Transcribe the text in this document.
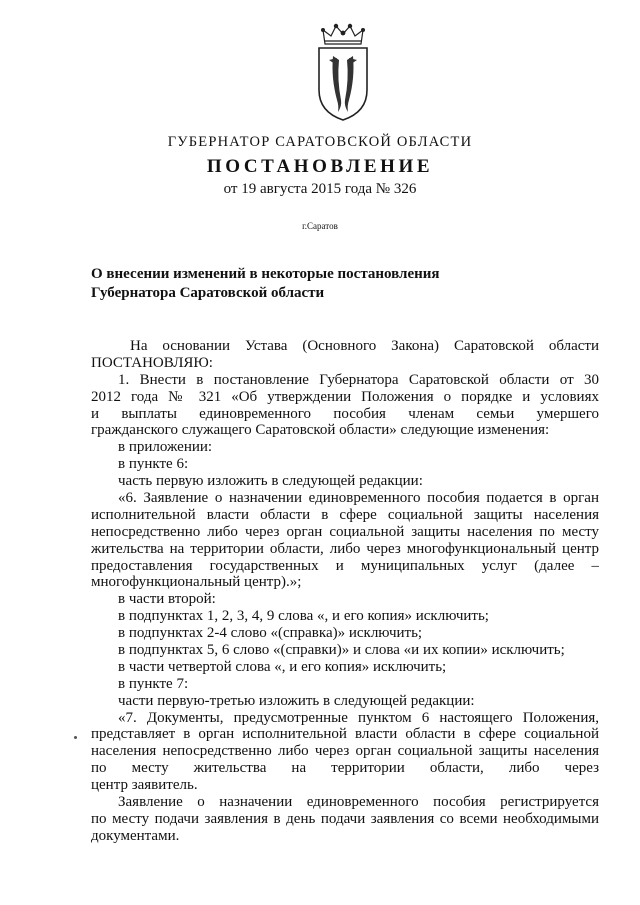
ГУБЕРНАТОР САРАТОВСКОЙ ОБЛАСТИ
ПОСТАНОВЛЕНИЕ
от 19 августа 2015 года № 326
г.Саратов
О внесении изменений в некоторые постановления
Губернатора Саратовской области
На основании Устава (Основного Закона) Саратовской области
ПОСТАНОВЛЯЮ:
1. Внести в постановление Губернатора Саратовской области от 30
2012 года № 321 «Об утверждении Положения о порядке и условиях
и выплаты единовременного пособия членам семьи умершего
гражданского служащего Саратовской области» следующие изменения:
в приложении:
в пункте 6:
часть первую изложить в следующей редакции:
«6. Заявление о назначении единовременного пособия подается в орган
исполнительной власти области в сфере социальной защиты населения
непосредственно либо через орган социальной защиты населения по месту
жительства на территории области, либо через многофункциональный центр
предоставления государственных и муниципальных услуг (далее –
многофункциональный центр).»;
в части второй:
в подпунктах 1, 2, 3, 4, 9 слова «, и его копия» исключить;
в подпунктах 2-4 слово «(справка)» исключить;
в подпунктах 5, 6 слово «(справки)» и слова «и их копии» исключить;
в части четвертой слова «, и его копия» исключить;
в пункте 7:
части первую-третью изложить в следующей редакции:
«7. Документы, предусмотренные пунктом 6 настоящего Положения,
представляет в орган исполнительной власти области в сфере социальной
населения непосредственно либо через орган социальной защиты населения
по месту жительства на территории области, либо через
центр заявитель.
Заявление о назначении единовременного пособия регистрируется
по месту подачи заявления в день подачи заявления со всеми необходимыми
документами.
